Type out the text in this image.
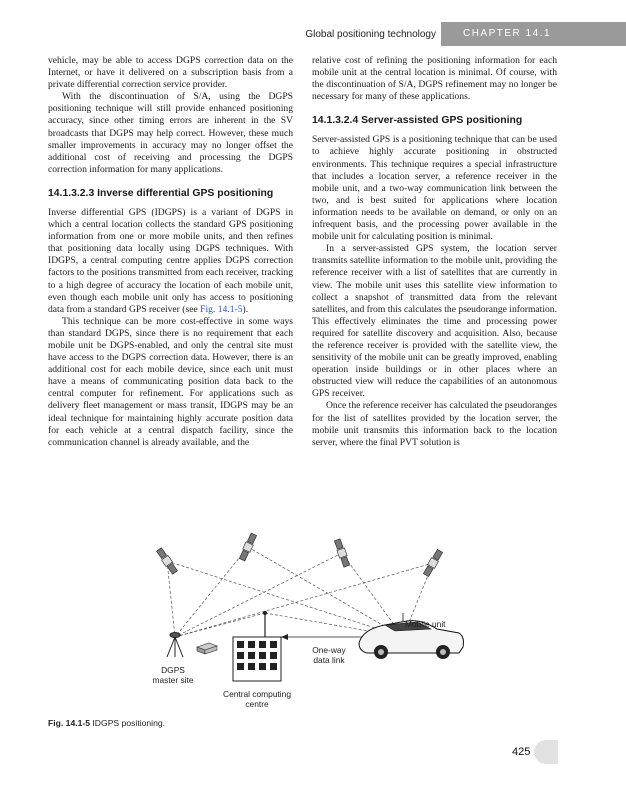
Global positioning technology	CHAPTER 14.1

vehicle, may be able to access DGPS correction data on the Internet, or have it delivered on a subscription basis from a private differential correction service provider.

With the discontinuation of S/A, using the DGPS positioning technique will still provide enhanced positioning accuracy, since other timing errors are inherent in the SV broadcasts that DGPS may help correct. However, these much smaller improvements in accuracy may no longer offset the additional cost of receiving and processing the DGPS correction information for many applications.

14.1.3.2.3 Inverse differential GPS positioning

Inverse differential GPS (IDGPS) is a variant of DGPS in which a central location collects the standard GPS positioning information from one or more mobile units, and then refines that positioning data locally using DGPS techniques. With IDGPS, a central computing centre applies DGPS correction factors to the positions transmitted from each receiver, tracking to a high degree of accuracy the location of each mobile unit, even though each mobile unit only has access to positioning data from a standard GPS receiver (see Fig. 14.1-5).

This technique can be more cost-effective in some ways than standard DGPS, since there is no requirement that each mobile unit be DGPS-enabled, and only the central site must have access to the DGPS correction data. However, there is an additional cost for each mobile device, since each unit must have a means of communicating position data back to the central computer for refinement. For applications such as delivery fleet management or mass transit, IDGPS may be an ideal technique for maintaining highly accurate position data for each vehicle at a central dispatch facility, since the communication channel is already available, and the

relative cost of refining the positioning information for each mobile unit at the central location is minimal. Of course, with the discontinuation of S/A, DGPS refinement may no longer be necessary for many of these applications.

14.1.3.2.4 Server-assisted GPS positioning

Server-assisted GPS is a positioning technique that can be used to achieve highly accurate positioning in obstructed environments. This technique requires a special infrastructure that includes a location server, a reference receiver in the mobile unit, and a two-way communication link between the two, and is best suited for applications where location information needs to be available on demand, or only on an infrequent basis, and the processing power available in the mobile unit for calculating position is minimal.

In a server-assisted GPS system, the location server transmits satellite information to the mobile unit, providing the reference receiver with a list of satellites that are currently in view. The mobile unit uses this satellite view information to collect a snapshot of transmitted data from the relevant satellites, and from this calculates the pseudorange information. This effectively eliminates the time and processing power required for satellite discovery and acquisition. Also, because the reference receiver is provided with the satellite view, the sensitivity of the mobile unit can be greatly improved, enabling operation inside buildings or in other places where an obstructed view will reduce the capabilities of an autonomous GPS receiver.

Once the reference receiver has calculated the pseudoranges for the list of satellites provided by the location server, the mobile unit transmits this information back to the location server, where the final PVT solution is

Mobile unit
One-way
data link
DGPS
master site
Central computing
centre
Fig. 14.1-5 IDGPS positioning.
425
